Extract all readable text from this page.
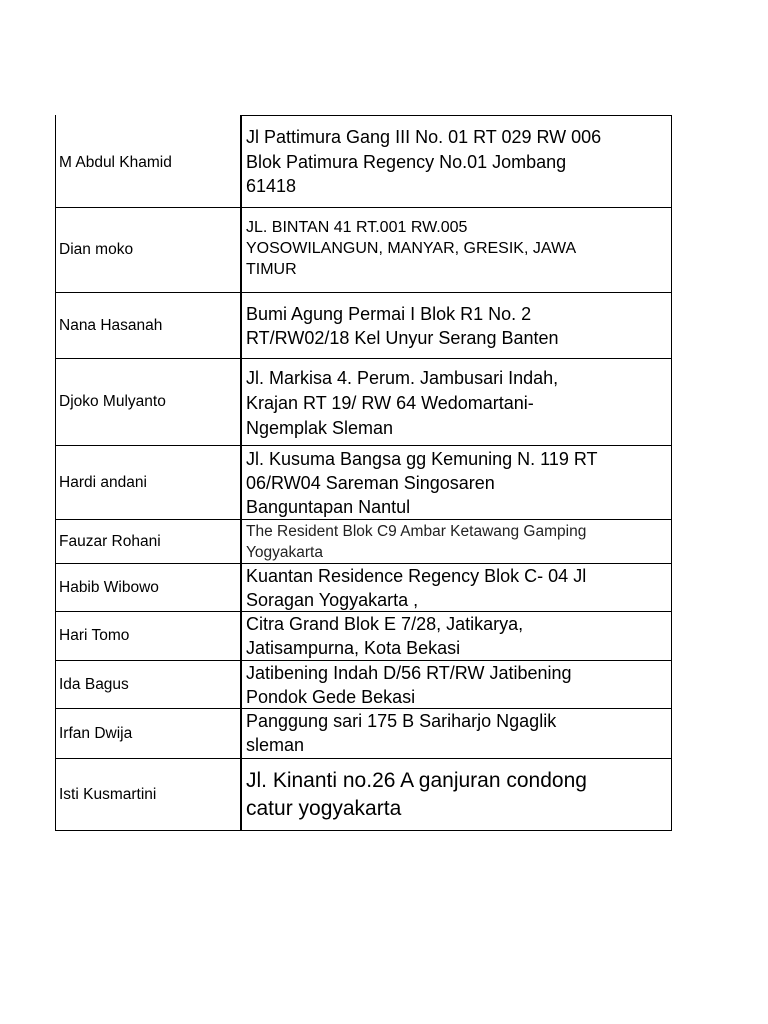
M Abdul Khamid
Jl Pattimura Gang III No. 01 RT 029 RW 006
Blok Patimura Regency No.01 Jombang
61418
Dian moko
JL. BINTAN 41 RT.001 RW.005
YOSOWILANGUN, MANYAR, GRESIK, JAWA
TIMUR
Nana Hasanah
Bumi Agung Permai I Blok R1 No. 2
RT/RW02/18 Kel Unyur Serang Banten
Djoko Mulyanto
Jl. Markisa 4. Perum. Jambusari Indah,
Krajan RT 19/ RW 64 Wedomartani-
Ngemplak Sleman
Hardi andani
Jl. Kusuma Bangsa gg Kemuning N. 119 RT
06/RW04 Sareman Singosaren
Banguntapan Nantul
Fauzar Rohani
The Resident Blok C9 Ambar Ketawang Gamping
Yogyakarta
Habib Wibowo
Kuantan Residence Regency Blok C- 04 Jl
Soragan Yogyakarta ,
Hari Tomo
Citra Grand Blok E 7/28, Jatikarya,
Jatisampurna, Kota Bekasi
Ida Bagus
Jatibening Indah D/56 RT/RW Jatibening
Pondok Gede Bekasi
Irfan Dwija
Panggung sari 175 B Sariharjo Ngaglik
sleman
Isti Kusmartini
Jl. Kinanti no.26 A ganjuran condong
catur yogyakarta
